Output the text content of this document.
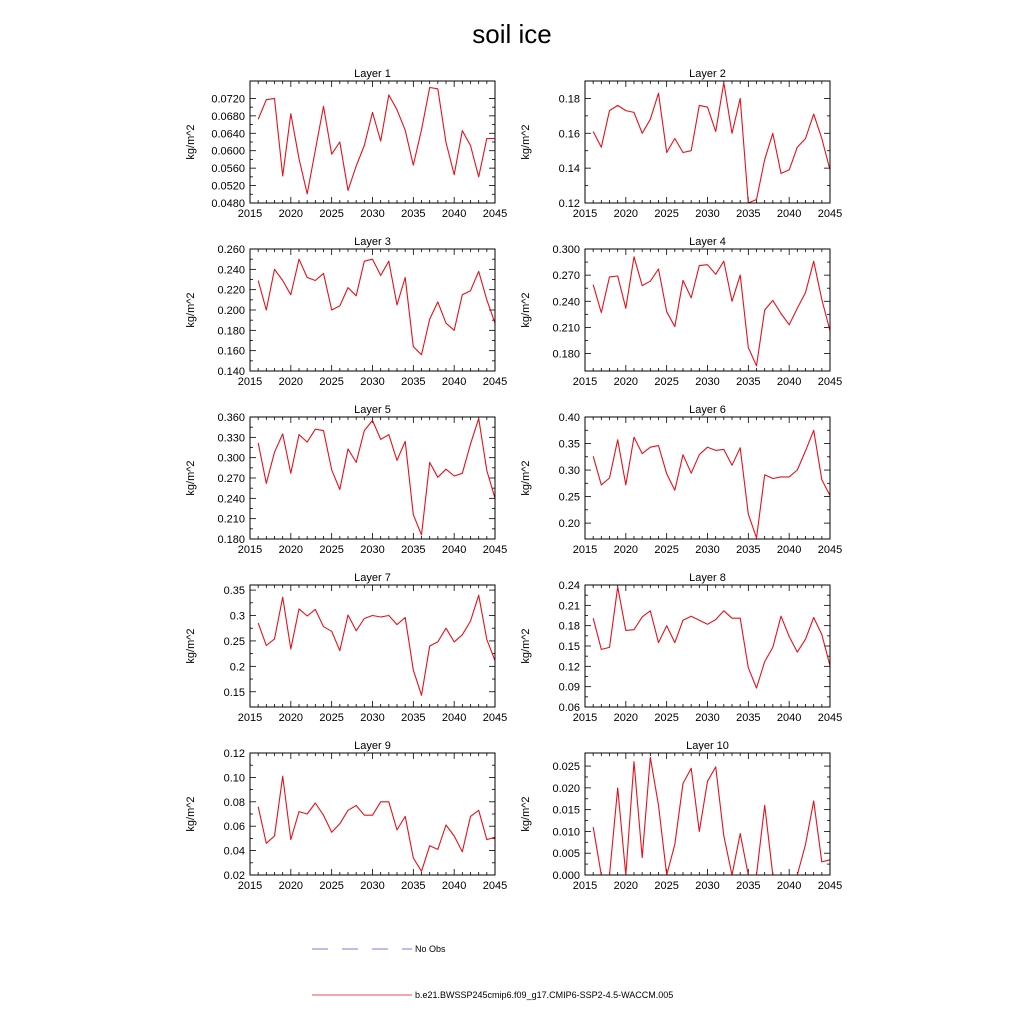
soil ice
Layer 1
kg/m^2
2015 2020 2025 2030 2035 2040 2045
0.0480
0.0520
0.0560
0.0600
0.0640
0.0680
0.0720
Layer 2
kg/m^2
2015 2020 2025 2030 2035 2040 2045
0.12
0.14
0.16
0.18
Layer 3
kg/m^2
2015 2020 2025 2030 2035 2040 2045
0.140
0.160
0.180
0.200
0.220
0.240
0.260
Layer 4
kg/m^2
2015 2020 2025 2030 2035 2040 2045
0.180
0.210
0.240
0.270
0.300
Layer 5
kg/m^2
2015 2020 2025 2030 2035 2040 2045
0.180
0.210
0.240
0.270
0.300
0.330
0.360
Layer 6
kg/m^2
2015 2020 2025 2030 2035 2040 2045
0.20
0.25
0.30
0.35
0.40
Layer 7
kg/m^2
2015 2020 2025 2030 2035 2040 2045
0.15
0.2
0.25
0.3
0.35
Layer 8
kg/m^2
2015 2020 2025 2030 2035 2040 2045
0.06
0.09
0.12
0.15
0.18
0.21
0.24
Layer 9
kg/m^2
2015 2020 2025 2030 2035 2040 2045
0.02
0.04
0.06
0.08
0.10
0.12
Layer 10
kg/m^2
2015 2020 2025 2030 2035 2040 2045
0.000
0.005
0.010
0.015
0.020
0.025
No Obs
b.e21.BWSSP245cmip6.f09_g17.CMIP6-SSP2-4.5-WACCM.005
